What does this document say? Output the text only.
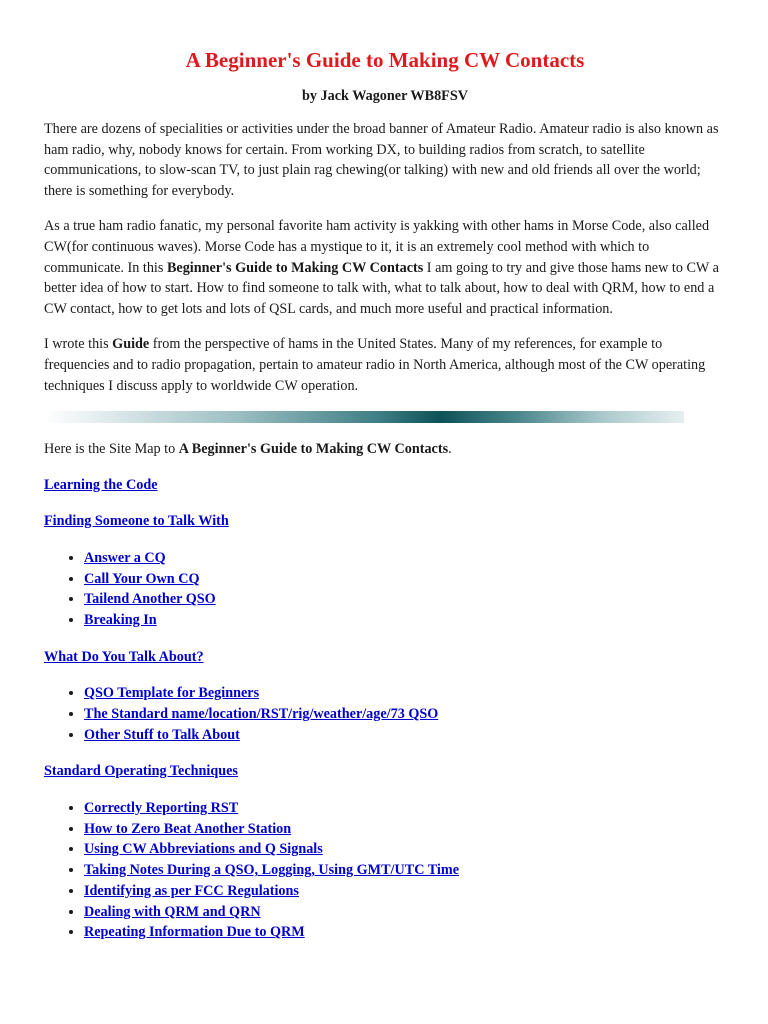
A Beginner's Guide to Making CW Contacts
by Jack Wagoner WB8FSV

There are dozens of specialities or activities under the broad banner of Amateur Radio. Amateur radio is also known as ham radio, why, nobody knows for certain. From working DX, to building radios from scratch, to satellite communications, to slow-scan TV, to just plain rag chewing(or talking) with new and old friends all over the world; there is something for everybody.

As a true ham radio fanatic, my personal favorite ham activity is yakking with other hams in Morse Code, also called CW(for continuous waves). Morse Code has a mystique to it, it is an extremely cool method with which to communicate. In this Beginner's Guide to Making CW Contacts I am going to try and give those hams new to CW a better idea of how to start. How to find someone to talk with, what to talk about, how to deal with QRM, how to end a CW contact, how to get lots and lots of QSL cards, and much more useful and practical information.

I wrote this Guide from the perspective of hams in the United States. Many of my references, for example to frequencies and to radio propagation, pertain to amateur radio in North America, although most of the CW operating techniques I discuss apply to worldwide CW operation.

Here is the Site Map to A Beginner's Guide to Making CW Contacts.

Learning the Code
Finding Someone to Talk With
• Answer a CQ
• Call Your Own CQ
• Tailend Another QSO
• Breaking In
What Do You Talk About?
• QSO Template for Beginners
• The Standard name/location/RST/rig/weather/age/73 QSO
• Other Stuff to Talk About
Standard Operating Techniques
• Correctly Reporting RST
• How to Zero Beat Another Station
• Using CW Abbreviations and Q Signals
• Taking Notes During a QSO, Logging, Using GMT/UTC Time
• Identifying as per FCC Regulations
• Dealing with QRM and QRN
• Repeating Information Due to QRM
